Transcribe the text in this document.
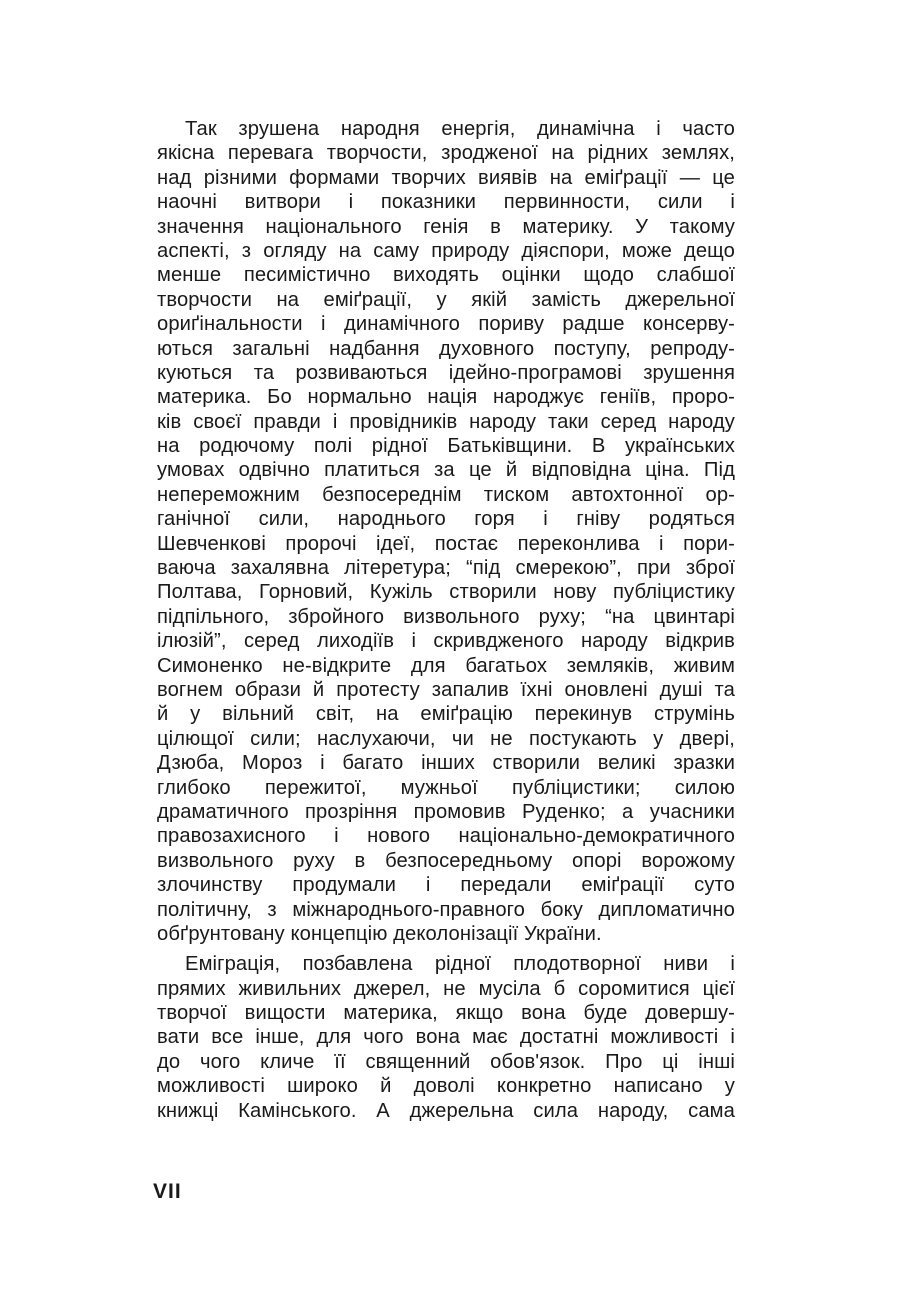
Так зрушена народня енергія, динамічна і часто
якісна перевага творчости, зродженої на рідних землях,
над різними формами творчих виявів на еміґрації — це
наочні витвори і показники первинности, сили і
значення національного генія в материку. У такому
аспекті, з огляду на саму природу діяспори, може дещо
менше песимістично виходять оцінки щодо слабшої
творчости на еміґрації, у якій замість джерельної
ориґінальности і динамічного пориву радше консерву-
ються загальні надбання духовного поступу, репроду-
куються та розвиваються ідейно-програмові зрушення
материка. Бо нормально нація народжує геніїв, проро-
ків своєї правди і провідників народу таки серед народу
на родючому полі рідної Батьківщини. В українських
умовах одвічно платиться за це й відповідна ціна. Під
непереможним безпосереднім тиском автохтонної ор-
ганічної сили, народнього горя і гніву родяться
Шевченкові пророчі ідеї, постає переконлива і пори-
ваюча захалявна літеретура; “під смерекою”, при зброї
Полтава, Горновий, Кужіль створили нову публіцистику
підпільного, збройного визвольного руху; “на цвинтарі
ілюзій”, серед лиходіїв і скривдженого народу відкрив
Симоненко не-відкрите для багатьох земляків, живим
вогнем образи й протесту запалив їхні оновлені душі та
й у вільний світ, на еміґрацію перекинув струмінь
цілющої сили; наслухаючи, чи не постукають у двері,
Дзюба, Мороз і багато інших створили великі зразки
глибоко пережитої, мужньої публіцистики; силою
драматичного прозріння промовив Руденко; а учасники
правозахисного і нового національно-демократичного
визвольного руху в безпосередньому опорі ворожому
злочинству продумали і передали еміґрації суто
політичну, з міжнароднього-правного боку дипломатично
обґрунтовану концепцію деколонізації України.
Еміграція, позбавлена рідної плодотворної ниви і
прямих живильних джерел, не мусіла б соромитися цієї
творчої вищости материка, якщо вона буде довершу-
вати все інше, для чого вона має достатні можливості і
до чого кличе її священний обов'язок. Про ці інші
можливості широко й доволі конкретно написано у
книжці Камінського. А джерельна сила народу, сама
VII
